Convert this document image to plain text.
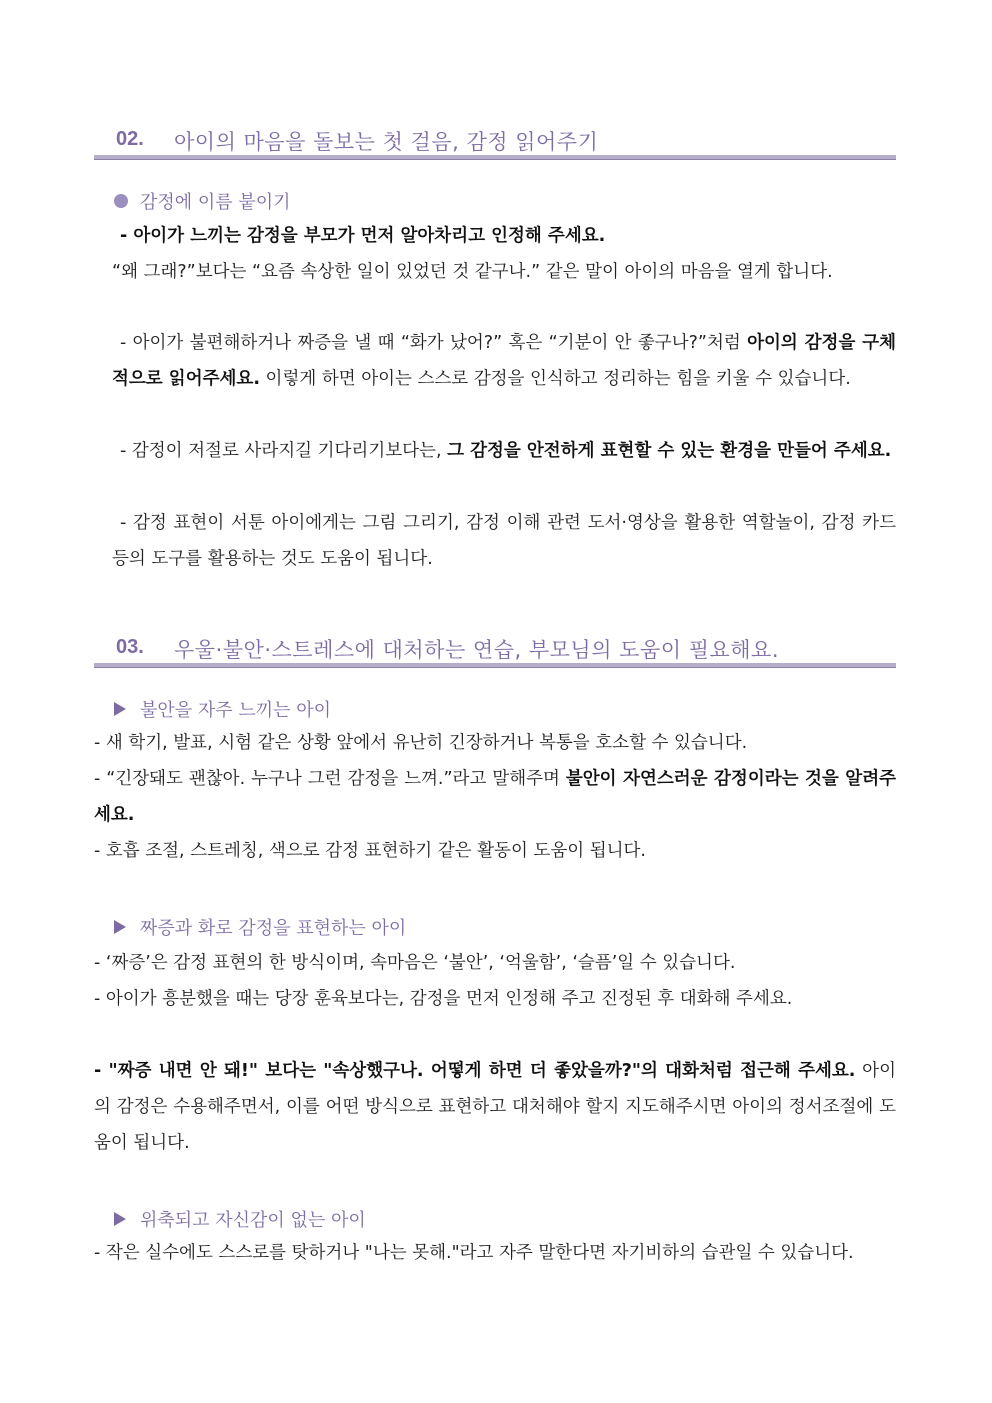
02. 아이의 마음을 돌보는 첫 걸음, 감정 읽어주기
감정에 이름 붙이기
- 아이가 느끼는 감정을 부모가 먼저 알아차리고 인정해 주세요.
“왜 그래?”보다는 “요즘 속상한 일이 있었던 것 같구나.” 같은 말이 아이의 마음을 열게 합니다.
- 아이가 불편해하거나 짜증을 낼 때 “화가 났어?” 혹은 “기분이 안 좋구나?”처럼 아이의 감정을 구체적으로 읽어주세요. 이렇게 하면 아이는 스스로 감정을 인식하고 정리하는 힘을 키울 수 있습니다.
- 감정이 저절로 사라지길 기다리기보다는, 그 감정을 안전하게 표현할 수 있는 환경을 만들어 주세요.
- 감정 표현이 서툰 아이에게는 그림 그리기, 감정 이해 관련 도서·영상을 활용한 역할놀이, 감정 카드 등의 도구를 활용하는 것도 도움이 됩니다.
03. 우울·불안·스트레스에 대처하는 연습, 부모님의 도움이 필요해요.
불안을 자주 느끼는 아이
- 새 학기, 발표, 시험 같은 상황 앞에서 유난히 긴장하거나 복통을 호소할 수 있습니다.
- “긴장돼도 괜찮아. 누구나 그런 감정을 느껴.”라고 말해주며 불안이 자연스러운 감정이라는 것을 알려주세요.
- 호흡 조절, 스트레칭, 색으로 감정 표현하기 같은 활동이 도움이 됩니다.
짜증과 화로 감정을 표현하는 아이
- ‘짜증’은 감정 표현의 한 방식이며, 속마음은 ‘불안’, ‘억울함’, ‘슬픔’일 수 있습니다.
- 아이가 흥분했을 때는 당장 훈육보다는, 감정을 먼저 인정해 주고 진정된 후 대화해 주세요.
- "짜증 내면 안 돼!" 보다는 "속상했구나. 어떻게 하면 더 좋았을까?"의 대화처럼 접근해 주세요. 아이의 감정은 수용해주면서, 이를 어떤 방식으로 표현하고 대처해야 할지 지도해주시면 아이의 정서조절에 도움이 됩니다.
위축되고 자신감이 없는 아이
- 작은 실수에도 스스로를 탓하거나 "나는 못해."라고 자주 말한다면 자기비하의 습관일 수 있습니다.
